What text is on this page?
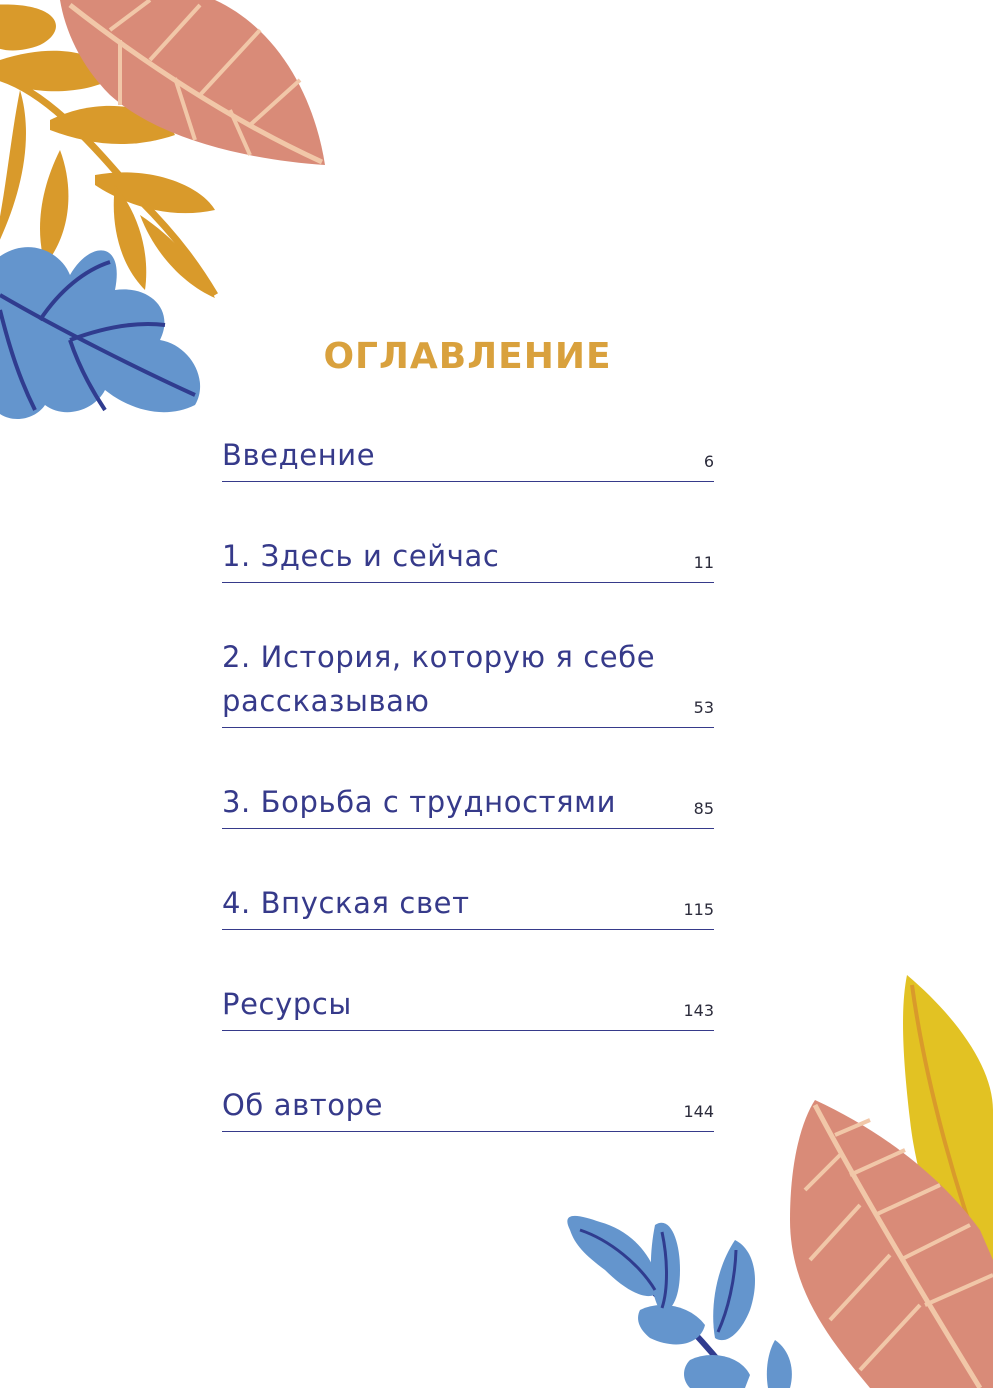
ОГЛАВЛЕНИЕ
Введение	6
1. Здесь и сейчас	11
2. История, которую я себе рассказываю	53
3. Борьба с трудностями	85
4. Впуская свет	115
Ресурсы	143
Об авторе	144
